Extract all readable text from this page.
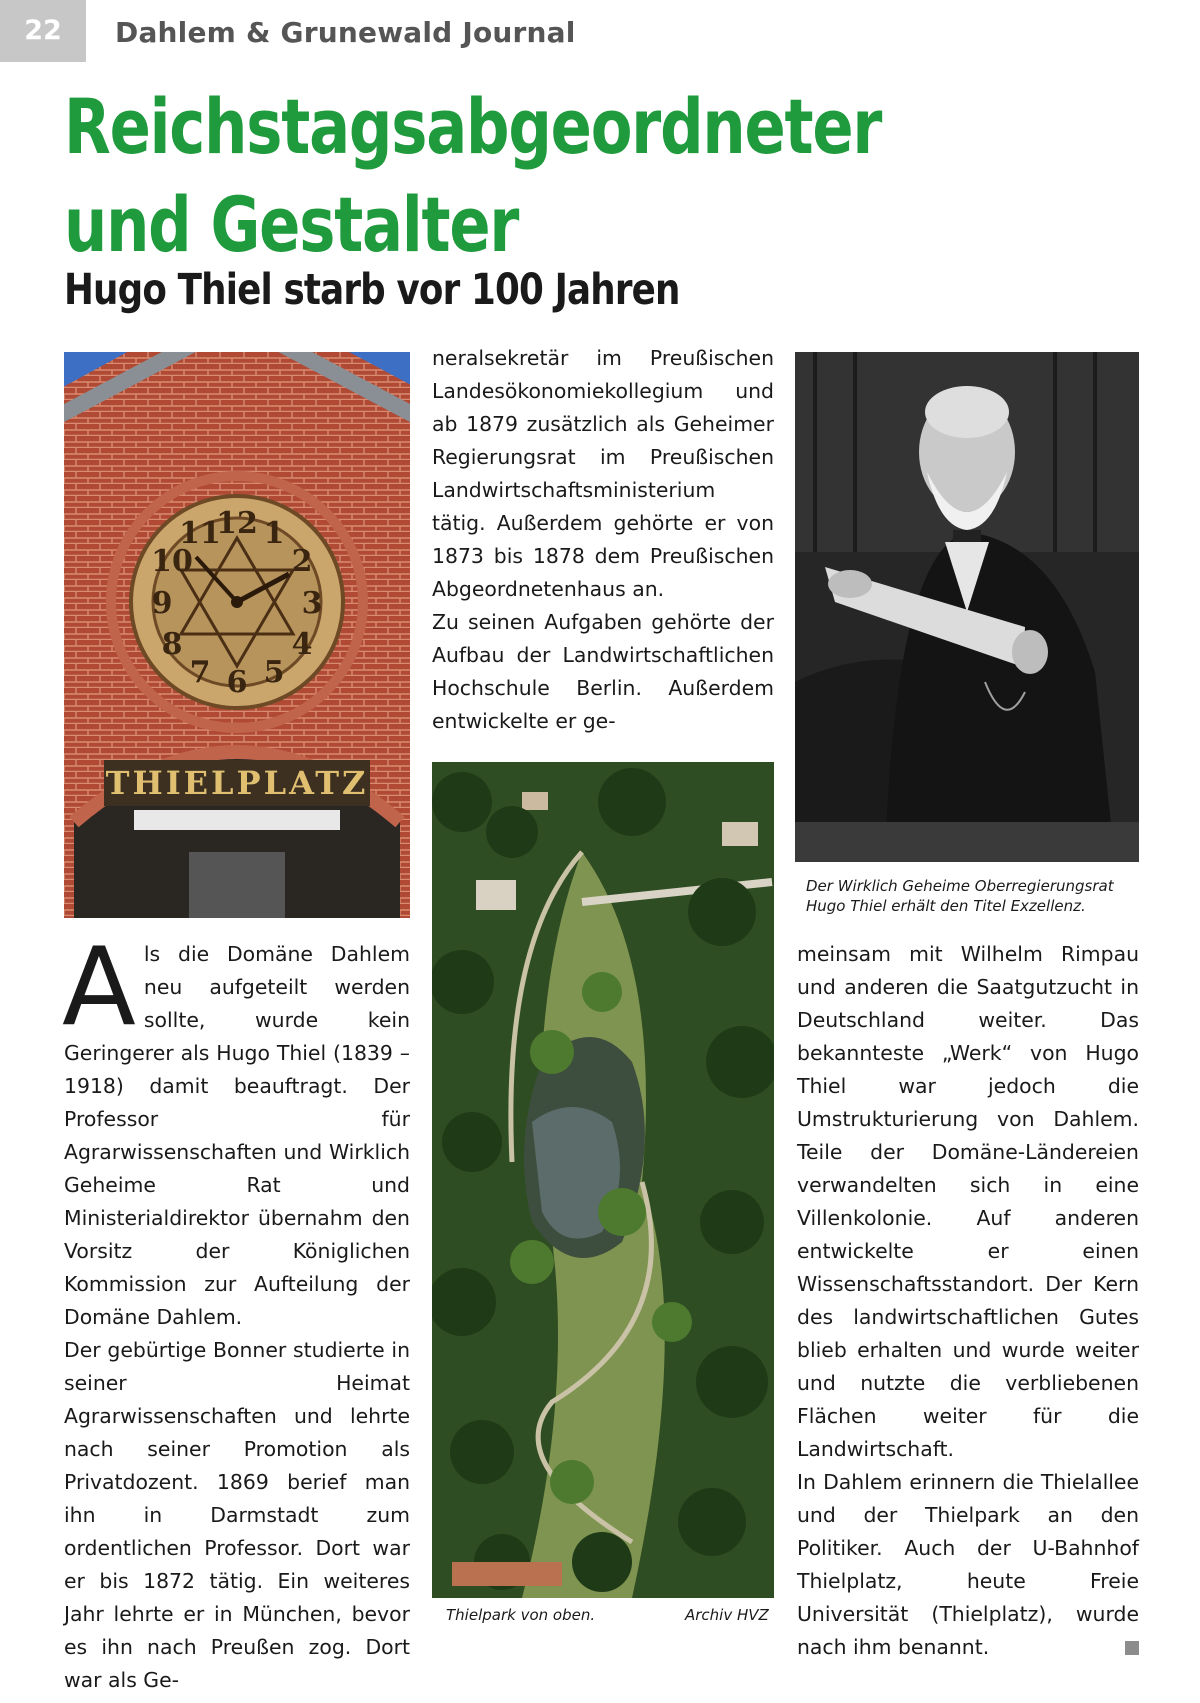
22	Dahlem & Grunewald Journal
Reichstagsabgeordneter
und Gestalter
Hugo Thiel starb vor 100 Jahren
12 1
2
3
4
5
6
7
8
9
10
11
THIELPLATZ
Der Wirklich Geheime Oberregierungsrat
Hugo Thiel erhält den Titel Exzellenz.
Thielpark von oben.	Archiv HVZ

Als die Domäne Dahlem neu aufgeteilt werden sollte, wurde kein Geringerer als Hugo Thiel (1839 – 1918) damit beauftragt. Der Professor für Agrarwissenschaften und Wirklich Geheime Rat und Ministerialdirektor übernahm den Vorsitz der Königlichen Kommission zur Aufteilung der Domäne Dahlem.

Der gebürtige Bonner studierte in seiner Heimat Agrarwissenschaften und lehrte nach seiner Promotion als Privatdozent. 1869 berief man ihn in Darmstadt zum ordentlichen Professor. Dort war er bis 1872 tätig. Ein weiteres Jahr lehrte er in München, bevor es ihn nach Preußen zog. Dort war als Ge-

neralsekretär im Preußischen Landesökonomiekollegium und ab 1879 zusätzlich als Geheimer Regierungsrat im Preußischen Landwirtschaftsministerium tätig. Außerdem gehörte er von 1873 bis 1878 dem Preußischen Abgeordnetenhaus an.

Zu seinen Aufgaben gehörte der Aufbau der Landwirtschaftlichen Hochschule Berlin. Außerdem entwickelte er ge-

meinsam mit Wilhelm Rimpau und anderen die Saatgutzucht in Deutschland weiter. Das bekannteste „Werk“ von Hugo Thiel war jedoch die Umstrukturierung von Dahlem. Teile der Domäne-Ländereien verwandelten sich in eine Villenkolonie. Auf anderen entwickelte er einen Wissenschaftsstandort. Der Kern des landwirtschaftlichen Gutes blieb erhalten und wurde weiter und nutzte die verbliebenen Flächen weiter für die Landwirtschaft.

In Dahlem erinnern die Thielallee und der Thielpark an den Politiker. Auch der U-Bahnhof Thielplatz, heute Freie Universität (Thielplatz), wurde nach ihm benannt.
